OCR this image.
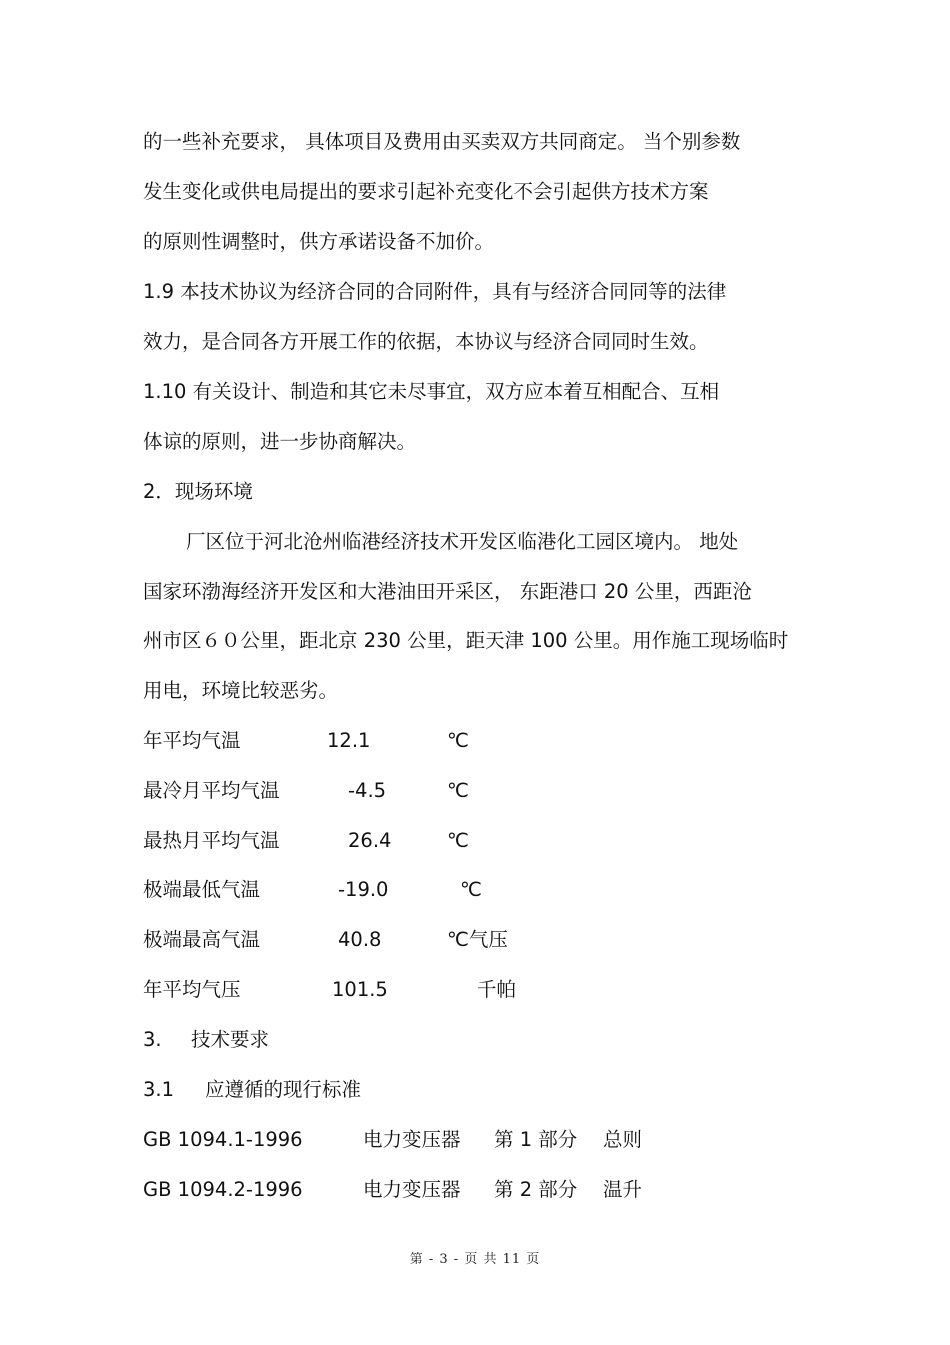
的一些补充要求， 具体项目及费用由买卖双方共同商定。 当个别参数
发生变化或供电局提出的要求引起补充变化不会引起供方技术方案
的原则性调整时，供方承诺设备不加价。
1.9 本技术协议为经济合同的合同附件，具有与经济合同同等的法律
效力，是合同各方开展工作的依据，本协议与经济合同同时生效。
1.10 有关设计、制造和其它未尽事宜，双方应本着互相配合、互相
体谅的原则，进一步协商解决。
2．现场环境
厂区位于河北沧州临港经济技术开发区临港化工园区境内。 地处
国家环渤海经济开发区和大港油田开采区， 东距港口 20 公里，西距沧
州市区６０公里，距北京 230 公里，距天津 100 公里。用作施工现场临时
用电，环境比较恶劣。
年平均气温	12.1	℃
最冷月平均气温	-4.5	℃
最热月平均气温	26.4	℃
极端最低气温	-19.0	℃
极端最高气温	40.8	℃气压
年平均气压	101.5	千帕
3. 技术要求
3.1 应遵循的现行标准
GB 1094.1-1996	电力变压器 第 1 部分 总则
GB 1094.2-1996	电力变压器 第 2 部分 温升
第 - 3 - 页 共 11 页
